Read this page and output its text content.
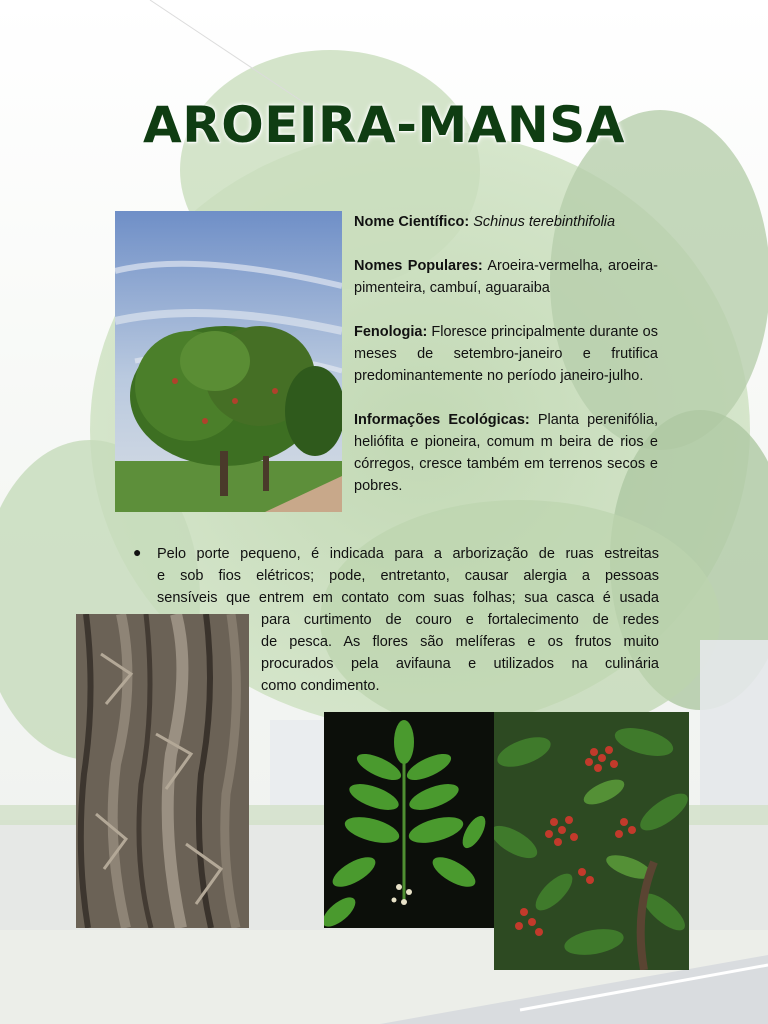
AROEIRA-MANSA

Nome Científico: Schinus terebinthifolia

Nomes Populares: Aroeira-vermelha, aroeira-pimenteira, cambuí, aguaraiba

Fenologia: Floresce principalmente durante os meses de setembro-janeiro e frutifica predominantemente no período janeiro-julho.

Informações Ecológicas: Planta perenifólia, heliófita e pioneira, comum m beira de rios e córregos, cresce também em terrenos secos e pobres.

● Pelo porte pequeno, é indicada para a arborização de ruas estreitas
e sob fios elétricos; pode, entretanto, causar alergia a pessoas
sensíveis que entrem em contato com suas folhas; sua casca é usada
para curtimento de couro e fortalecimento de redes
de pesca. As flores são melíferas e os frutos muito
procurados pela avifauna e utilizados na culinária
como condimento.
